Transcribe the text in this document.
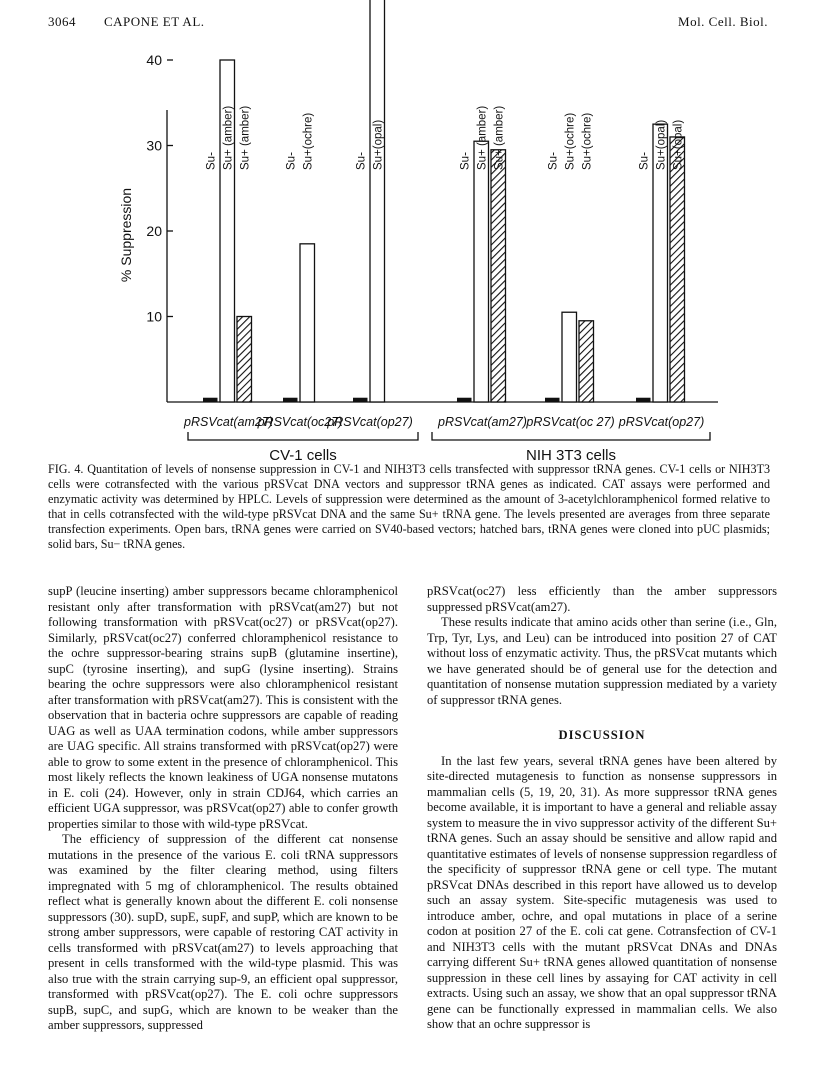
3064 CAPONE ET AL.	Mol. Cell. Biol.
10
20
30
40
% Suppression
Su- Su+ (amber) Su+ (amber)
pRSVcat(am27)
Su- Su+(ochre)
pRSVcat(oc27)
Su- Su+(opal)
pRSVcat(op27)
Su- Su+ (amber) Su+ (amber)
pRSVcat(am27)
Su- Su+(ochre) Su+(ochre)
pRSVcat(oc 27)
Su- Su+(opal) Su+(opal)
pRSVcat(op27)
CV-1 cells	NIH 3T3 cells
FIG. 4. Quantitation of levels of nonsense suppression in CV-1 and NIH3T3 cells transfected with suppressor tRNA genes. CV-1 cells or NIH3T3 cells were cotransfected with the various pRSVcat DNA vectors and suppressor tRNA genes as indicated. CAT assays were performed and enzymatic activity was determined by HPLC. Levels of suppression were determined as the amount of 3-acetylchloramphenicol formed relative to that in cells cotransfected with the wild-type pRSVcat DNA and the same Su+ tRNA gene. The levels presented are averages from three separate transfection experiments. Open bars, tRNA genes were carried on SV40-based vectors; hatched bars, tRNA genes were cloned into pUC plasmids; solid bars, Su− tRNA genes.

supP (leucine inserting) amber suppressors became chloramphenicol resistant only after transformation with pRSVcat(am27) but not following transformation with pRSVcat(oc27) or pRSVcat(op27). Similarly, pRSVcat(oc27) conferred chloramphenicol resistance to the ochre suppressor-bearing strains supB (glutamine insertine), supC (tyrosine inserting), and supG (lysine inserting). Strains bearing the ochre suppressors were also chloramphenicol resistant after transformation with pRSVcat(am27). This is consistent with the observation that in bacteria ochre suppressors are capable of reading UAG as well as UAA termination codons, while amber suppressors are UAG specific. All strains transformed with pRSVcat(op27) were able to grow to some extent in the presence of chloramphenicol. This most likely reflects the known leakiness of UGA nonsense mutatons in E. coli (24). However, only in strain CDJ64, which carries an efficient UGA suppressor, was pRSVcat(op27) able to confer growth properties similar to those with wild-type pRSVcat.

The efficiency of suppression of the different cat nonsense mutations in the presence of the various E. coli tRNA suppressors was examined by the filter clearing method, using filters impregnated with 5 mg of chloramphenicol. The results obtained reflect what is generally known about the different E. coli nonsense suppressors (30). supD, supE, supF, and supP, which are known to be strong amber suppressors, were capable of restoring CAT activity in cells transformed with pRSVcat(am27) to levels approaching that present in cells transformed with the wild-type plasmid. This was also true with the strain carrying sup-9, an efficient opal suppressor, transformed with pRSVcat(op27). The E. coli ochre suppressors supB, supC, and supG, which are known to be weaker than the amber suppressors, suppressed

pRSVcat(oc27) less efficiently than the amber suppressors suppressed pRSVcat(am27).

These results indicate that amino acids other than serine (i.e., Gln, Trp, Tyr, Lys, and Leu) can be introduced into position 27 of CAT without loss of enzymatic activity. Thus, the pRSVcat mutants which we have generated should be of general use for the detection and quantitation of nonsense mutation suppression mediated by a variety of suppressor tRNA genes.

DISCUSSION

In the last few years, several tRNA genes have been altered by site-directed mutagenesis to function as nonsense suppressors in mammalian cells (5, 19, 20, 31). As more suppressor tRNA genes become available, it is important to have a general and reliable assay system to measure the in vivo suppressor activity of the different Su+ tRNA genes. Such an assay should be sensitive and allow rapid and quantitative estimates of levels of nonsense suppression regardless of the specificity of suppressor tRNA gene or cell type. The mutant pRSVcat DNAs described in this report have allowed us to develop such an assay system. Site-specific mutagenesis was used to introduce amber, ochre, and opal mutations in place of a serine codon at position 27 of the E. coli cat gene. Cotransfection of CV-1 and NIH3T3 cells with the mutant pRSVcat DNAs and DNAs carrying different Su+ tRNA genes allowed quantitation of nonsense suppression in these cell lines by assaying for CAT activity in cell extracts. Using such an assay, we show that an opal suppressor tRNA gene can be functionally expressed in mammalian cells. We also show that an ochre suppressor is
